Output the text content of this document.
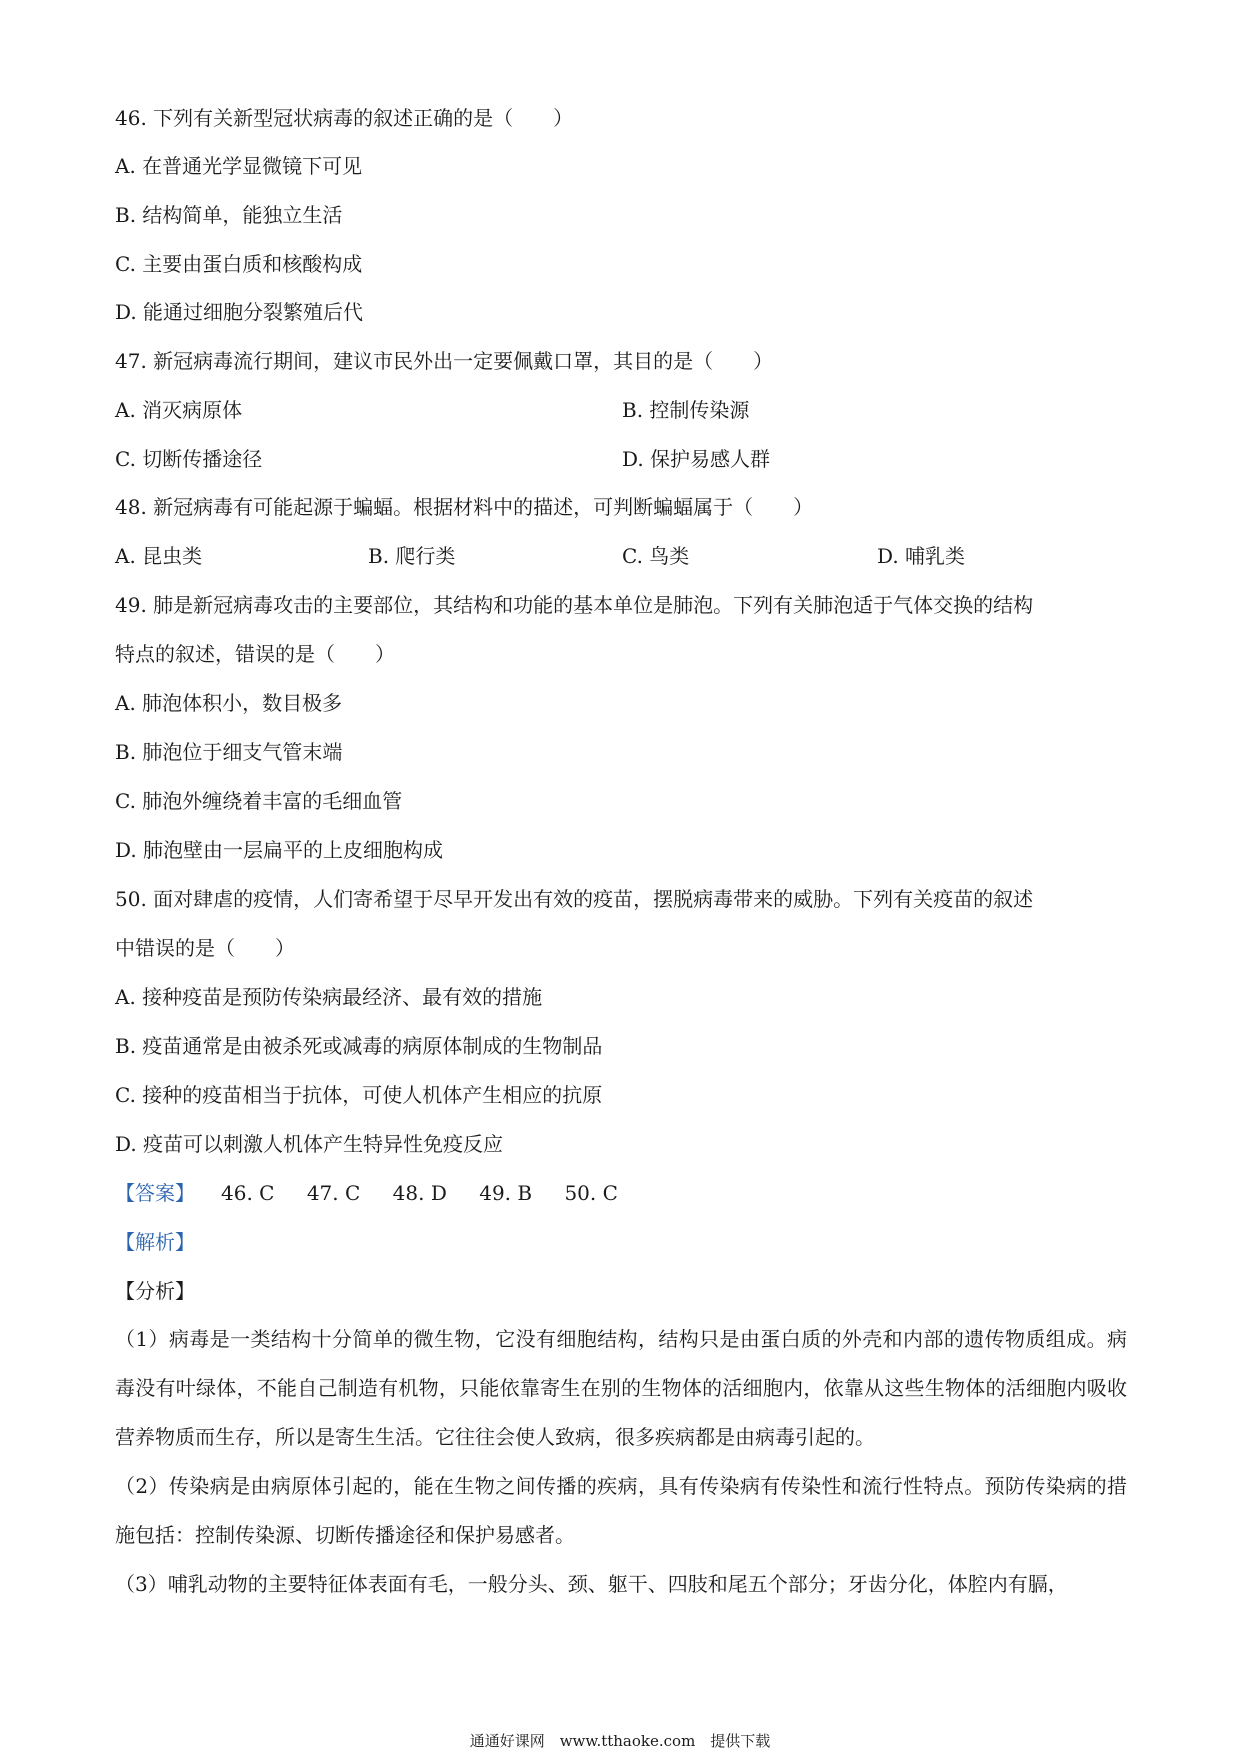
46. 下列有关新型冠状病毒的叙述正确的是（　　）
A. 在普通光学显微镜下可见
B. 结构简单，能独立生活
C. 主要由蛋白质和核酸构成
D. 能通过细胞分裂繁殖后代
47. 新冠病毒流行期间，建议市民外出一定要佩戴口罩，其目的是（　　）
A. 消灭病原体	B. 控制传染源
C. 切断传播途径	D. 保护易感人群
48. 新冠病毒有可能起源于蝙蝠。根据材料中的描述，可判断蝙蝠属于（　　）
A. 昆虫类	B. 爬行类	C. 鸟类	D. 哺乳类
49. 肺是新冠病毒攻击的主要部位，其结构和功能的基本单位是肺泡。下列有关肺泡适于气体交换的结构
特点的叙述，错误的是（　　）
A. 肺泡体积小，数目极多
B. 肺泡位于细支气管末端
C. 肺泡外缠绕着丰富的毛细血管
D. 肺泡壁由一层扁平的上皮细胞构成
50. 面对肆虐的疫情，人们寄希望于尽早开发出有效的疫苗，摆脱病毒带来的威胁。下列有关疫苗的叙述
中错误的是（　　）
A. 接种疫苗是预防传染病最经济、最有效的措施
B. 疫苗通常是由被杀死或减毒的病原体制成的生物制品
C. 接种的疫苗相当于抗体，可使人机体产生相应的抗原
D. 疫苗可以刺激人机体产生特异性免疫反应
【答案】 46. C 47. C 48. D 49. B 50. C
【解析】
【分析】
（1）病毒是一类结构十分简单的微生物，它没有细胞结构，结构只是由蛋白质的外壳和内部的遗传物质组成。病毒没有叶绿体，不能自己制造有机物，只能依靠寄生在别的生物体的活细胞内，依靠从这些生物体的活细胞内吸收营养物质而生存，所以是寄生生活。它往往会使人致病，很多疾病都是由病毒引起的。
（2）传染病是由病原体引起的，能在生物之间传播的疾病，具有传染病有传染性和流行性特点。预防传染病的措施包括：控制传染源、切断传播途径和保护易感者。
（3）哺乳动物的主要特征体表面有毛，一般分头、颈、躯干、四肢和尾五个部分；牙齿分化，体腔内有膈，
通通好课网　www.tthaoke.com　提供下载
